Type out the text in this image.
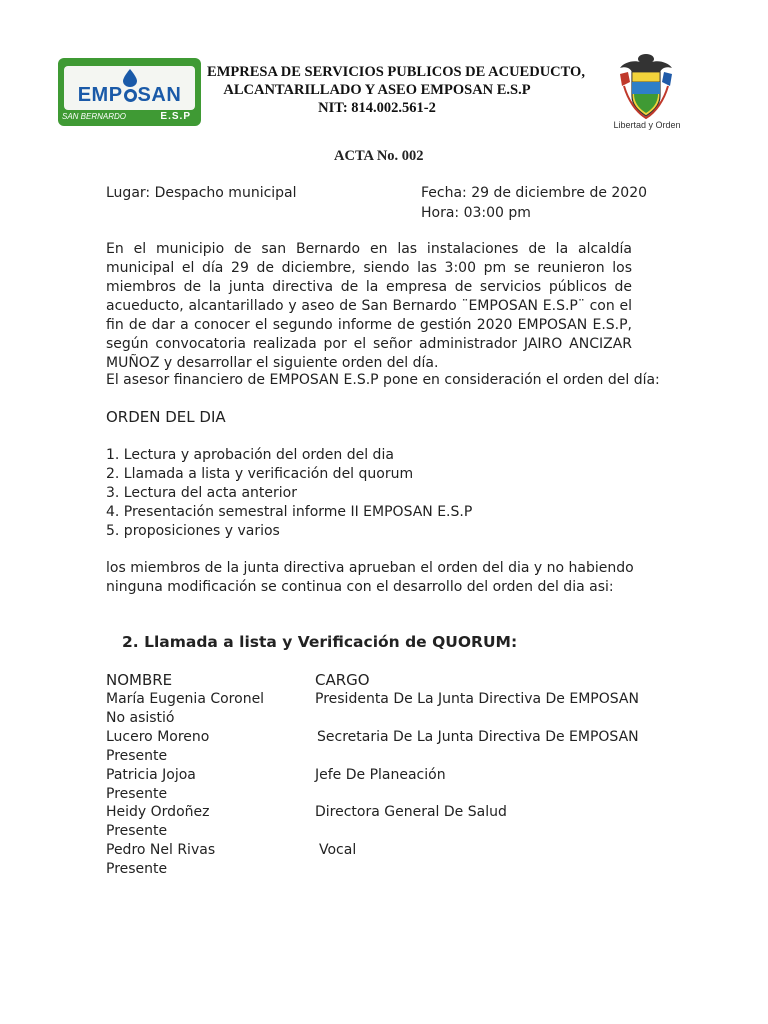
EMP SAN
SAN BERNARDO	E.S.P
EMPRESA DE SERVICIOS PUBLICOS DE ACUEDUCTO,
ALCANTARILLADO Y ASEO EMPOSAN E.S.P
NIT: 814.002.561-2
Libertad y Orden
ACTA No. 002
Lugar: Despacho municipal	Fecha: 29 de diciembre de 2020
Hora: 03:00 pm
En el municipio de san Bernardo en las instalaciones de la alcaldía municipal el día 29 de diciembre, siendo las 3:00 pm se reunieron los miembros de la junta directiva de la empresa de servicios públicos de acueducto, alcantarillado y aseo de San Bernardo ¨EMPOSAN E.S.P¨ con el fin de dar a conocer el segundo informe de gestión 2020 EMPOSAN E.S.P, según convocatoria realizada por el señor administrador JAIRO ANCIZAR MUÑOZ y desarrollar el siguiente orden del día.
El asesor financiero de EMPOSAN E.S.P pone en consideración el orden del día:
ORDEN DEL DIA
1. Lectura y aprobación del orden del dia
2. Llamada a lista y verificación del quorum
3. Lectura del acta anterior
4. Presentación semestral informe II EMPOSAN E.S.P
5. proposiciones y varios
los miembros de la junta directiva aprueban el orden del dia y no habiendo
ninguna modificación se continua con el desarrollo del orden del dia asi:
2. Llamada a lista y Verificación de QUORUM:
NOMBRE	CARGO
María Eugenia Coronel	Presidenta De La Junta Directiva De EMPOSAN
No asistió
Lucero Moreno	Secretaria De La Junta Directiva De EMPOSAN
Presente
Patricia Jojoa	Jefe De Planeación
Presente
Heidy Ordoñez	Directora General De Salud
Presente
Pedro Nel Rivas	Vocal
Presente
